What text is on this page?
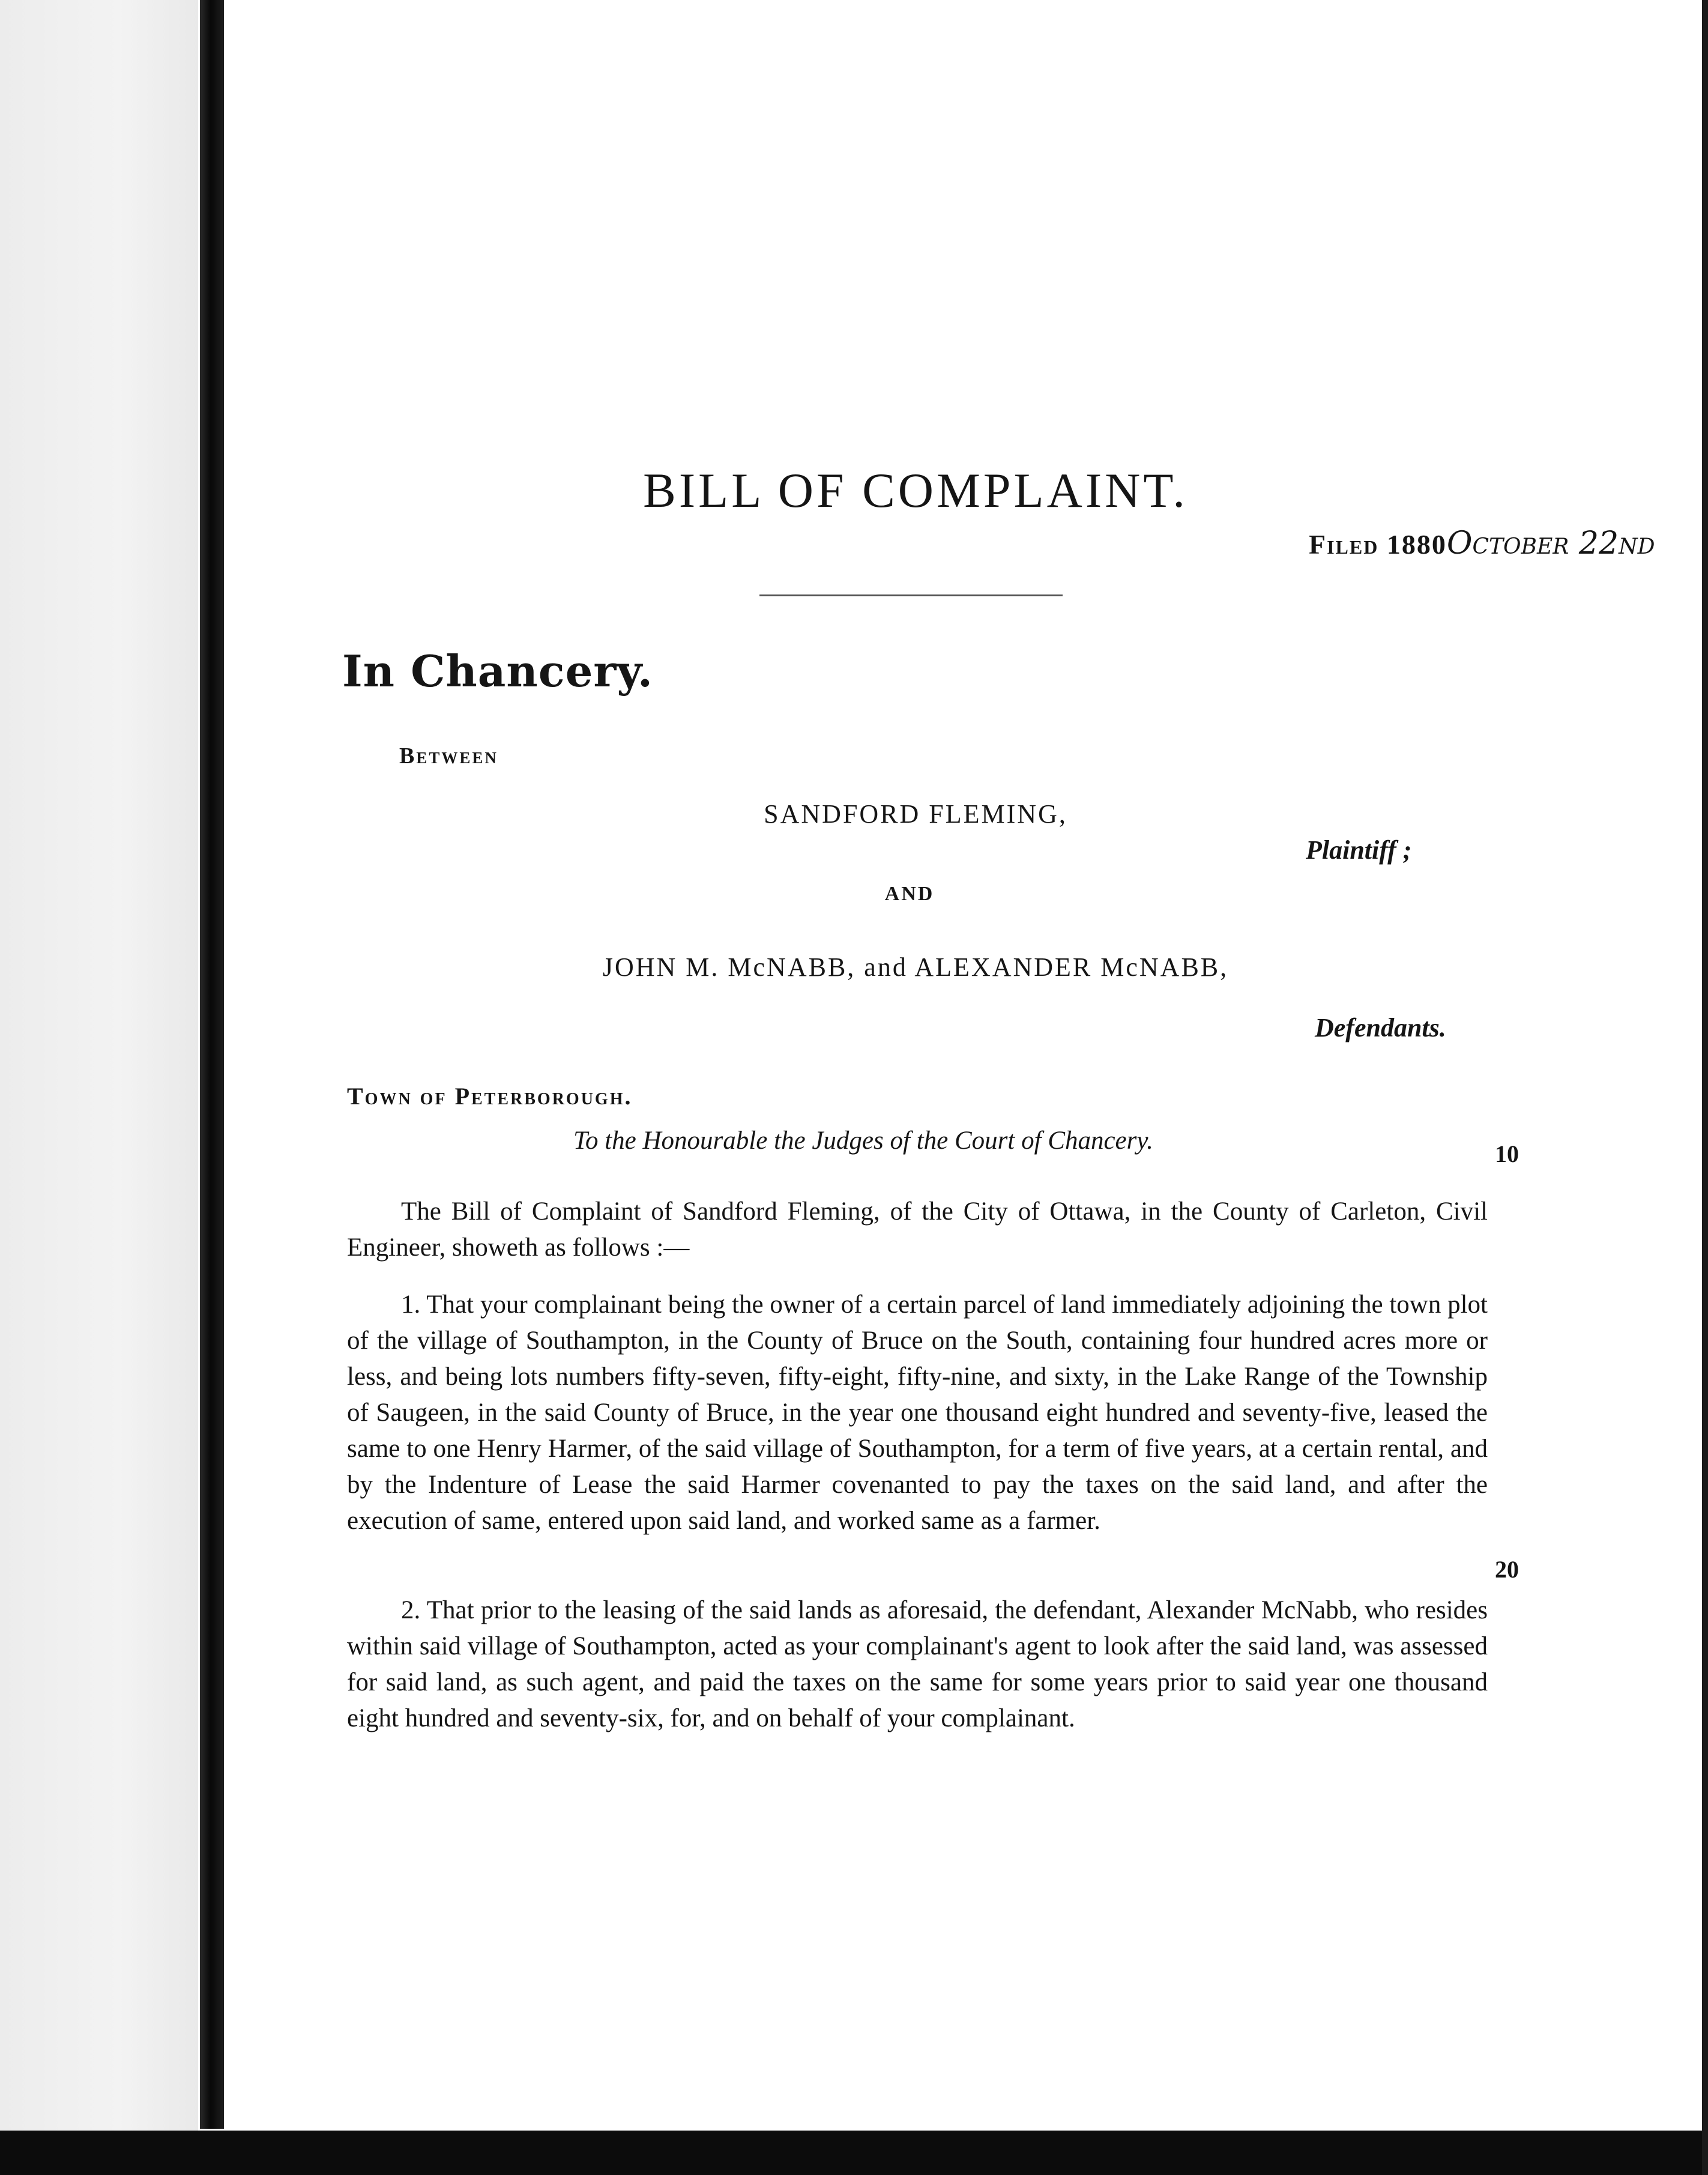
BILL OF COMPLAINT.
Filed 1880October 22nd
In Chancery.
Between
SANDFORD FLEMING,
Plaintiff ;
AND
JOHN M. McNABB, and ALEXANDER McNABB,
Defendants.
Town of Peterborough.
To the Honourable the Judges of the Court of Chancery.	10
20

The Bill of Complaint of Sandford Fleming, of the City of Ottawa, in the County of Carleton, Civil Engineer, showeth as follows :—

1. That your complainant being the owner of a certain parcel of land immediately adjoining the town plot of the village of Southampton, in the County of Bruce on the South, containing four hundred acres more or less, and being lots numbers fifty-seven, fifty-eight, fifty-nine, and sixty, in the Lake Range of the Township of Saugeen, in the said County of Bruce, in the year one thousand eight hundred and seventy-five, leased the same to one Henry Harmer, of the said village of Southampton, for a term of five years, at a certain rental, and by the Indenture of Lease the said Harmer covenanted to pay the taxes on the said land, and after the execution of same, entered upon said land, and worked same as a farmer.

2. That prior to the leasing of the said lands as aforesaid, the defendant, Alexander McNabb, who resides within said village of Southampton, acted as your complainant's agent to look after the said land, was assessed for said land, as such agent, and paid the taxes on the same for some years prior to said year one thousand eight hundred and seventy-six, for, and on behalf of your complainant.
